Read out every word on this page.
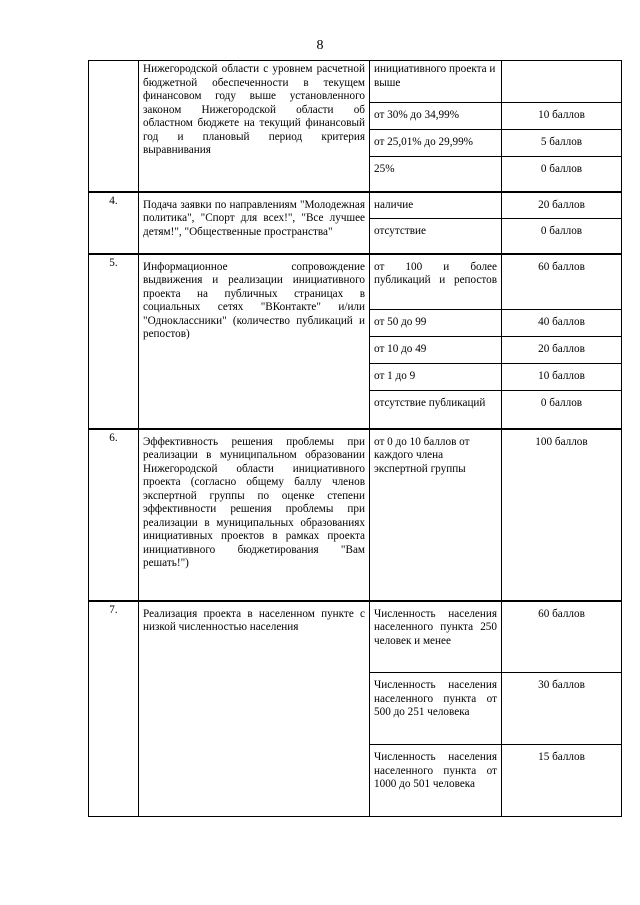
8
	Нижегородской области с уровнем расчетной бюджетной обеспеченности в текущем финансовом году выше установленного законом Нижегородской области об областном бюджете на текущий финансовый год и плановый период критерия выравнивания	инициативного проекта и выше	

		от 30% до 34,99%	10 баллов
		от 25,01% до 29,99%	5 баллов
		25%	0 баллов
4.	Подача заявки по направлениям "Молодежная политика", "Спорт для всех!", "Все лучшее детям!", "Общественные пространства"	наличие	20 баллов
		отсутствие	0 баллов
5.	Информационное сопровождение выдвижения и реализации инициативного проекта на публичных страницах в социальных сетях "ВКонтакте" и/или "Одноклассники" (количество публикаций и репостов)	от 100 и более публикаций и репостов	60 баллов
		от 50 до 99	40 баллов
		от 10 до 49	20 баллов
		от 1 до 9	10 баллов

		отсутствие публикаций	0 баллов
6.	Эффективность решения проблемы при реализации в муниципальном образовании Нижегородской области инициативного проекта (согласно общему баллу членов экспертной группы по оценке степени эффективности решения проблемы при реализации в муниципальных образованиях инициативных проектов в рамках проекта инициативного бюджетирования "Вам решать!")	от 0 до 10 баллов от каждого члена экспертной группы	100 баллов
7.	Реализация проекта в населенном пункте с низкой численностью населения	Численность населения населенного пункта 250 человек и менее	60 баллов
		Численность населения населенного пункта от 500 до 251 человека	30 баллов
		Численность населения населенного пункта от 1000 до 501 человека	15 баллов
